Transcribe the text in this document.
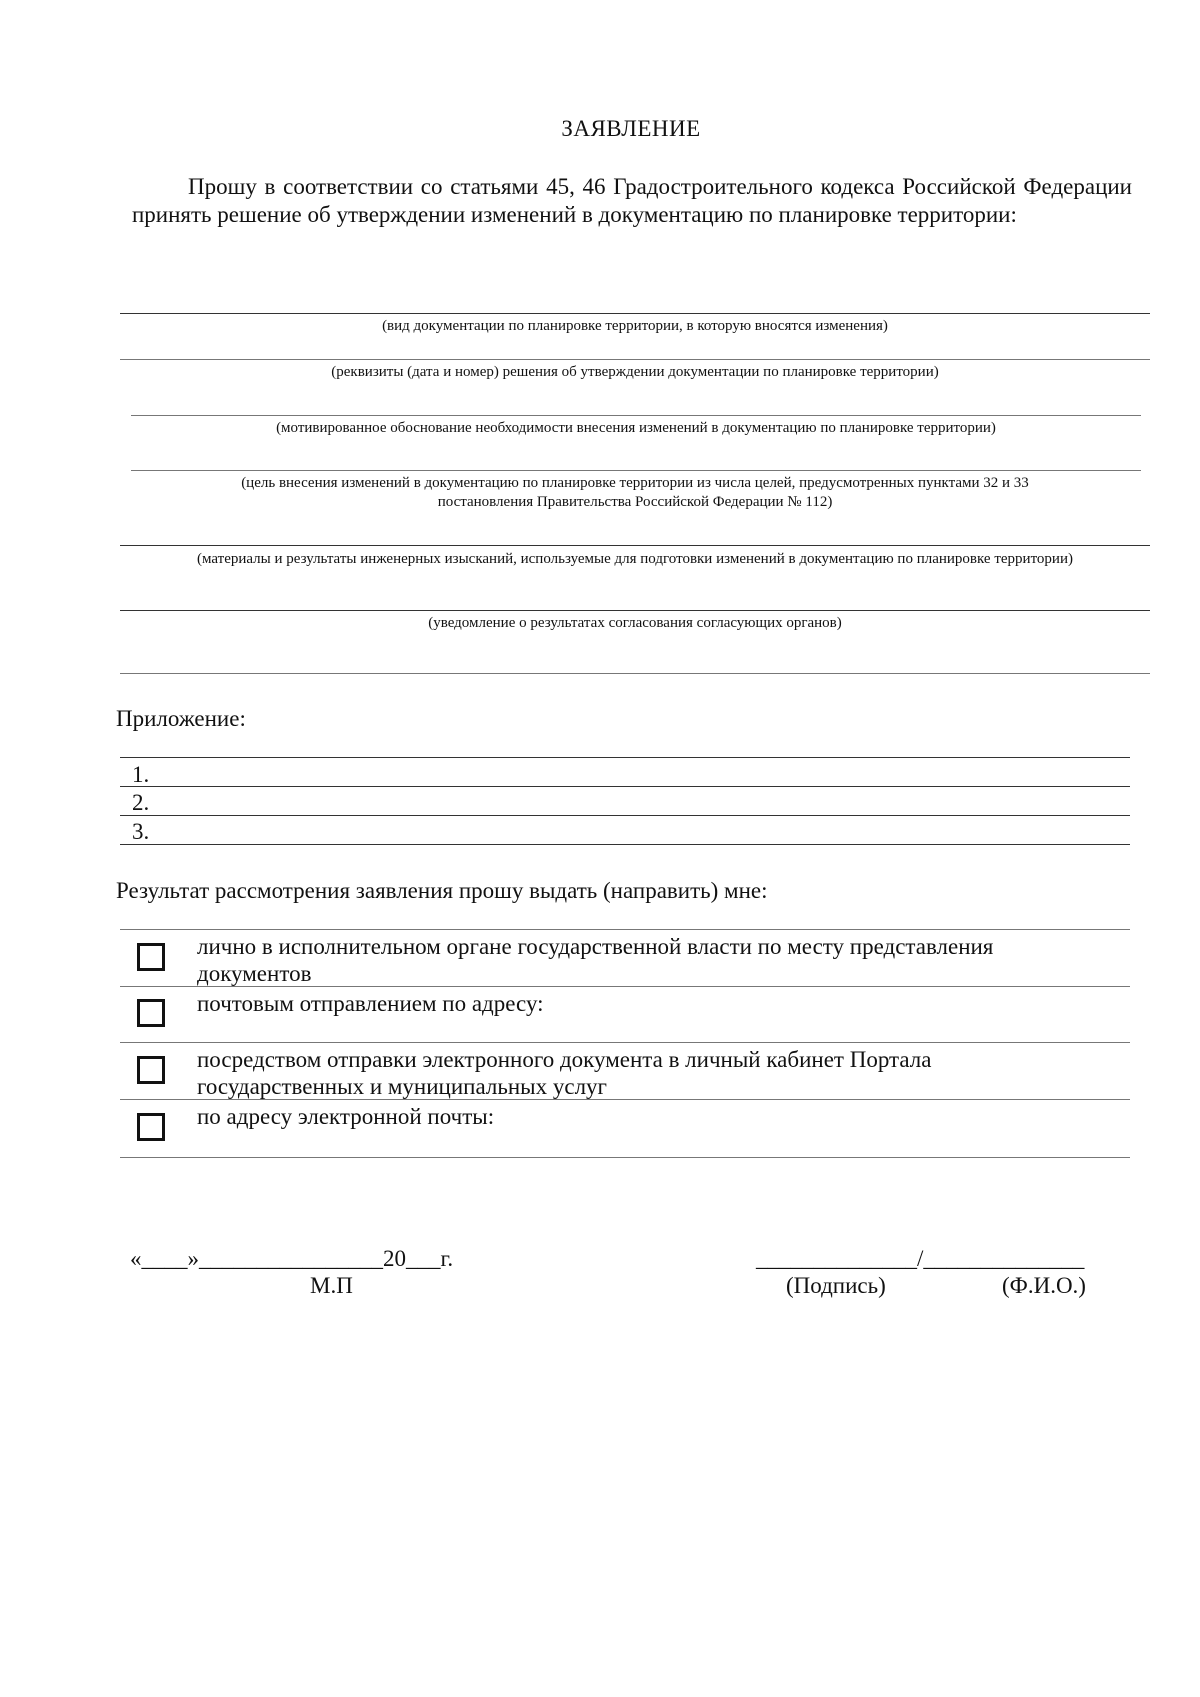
ЗАЯВЛЕНИЕ
Прошу в соответствии со статьями 45, 46 Градостроительного кодекса Российской Федерации принять решение об утверждении изменений в документацию по планировке территории:
(вид документации по планировке территории, в которую вносятся изменения)
(реквизиты (дата и номер) решения об утверждении документации по планировке территории)
(мотивированное обоснование необходимости внесения изменений в документацию по планировке территории)
(цель внесения изменений в документацию по планировке территории из числа целей, предусмотренных пунктами 32 и 33 постановления Правительства Российской Федерации № 112)
(материалы и результаты инженерных изысканий, используемые для подготовки изменений в документацию по планировке территории)
(уведомление о результатах согласования согласующих органов)
Приложение:
1.
2.
3.
Результат рассмотрения заявления прошу выдать (направить) мне:
лично в исполнительном органе государственной власти по месту представления документов
почтовым отправлением по адресу:
посредством отправки электронного документа в личный кабинет Портала государственных и муниципальных услуг
по адресу электронной почты:
«____»________________20___г.
М.П
______________/______________
(Подпись)	(Ф.И.О.)
